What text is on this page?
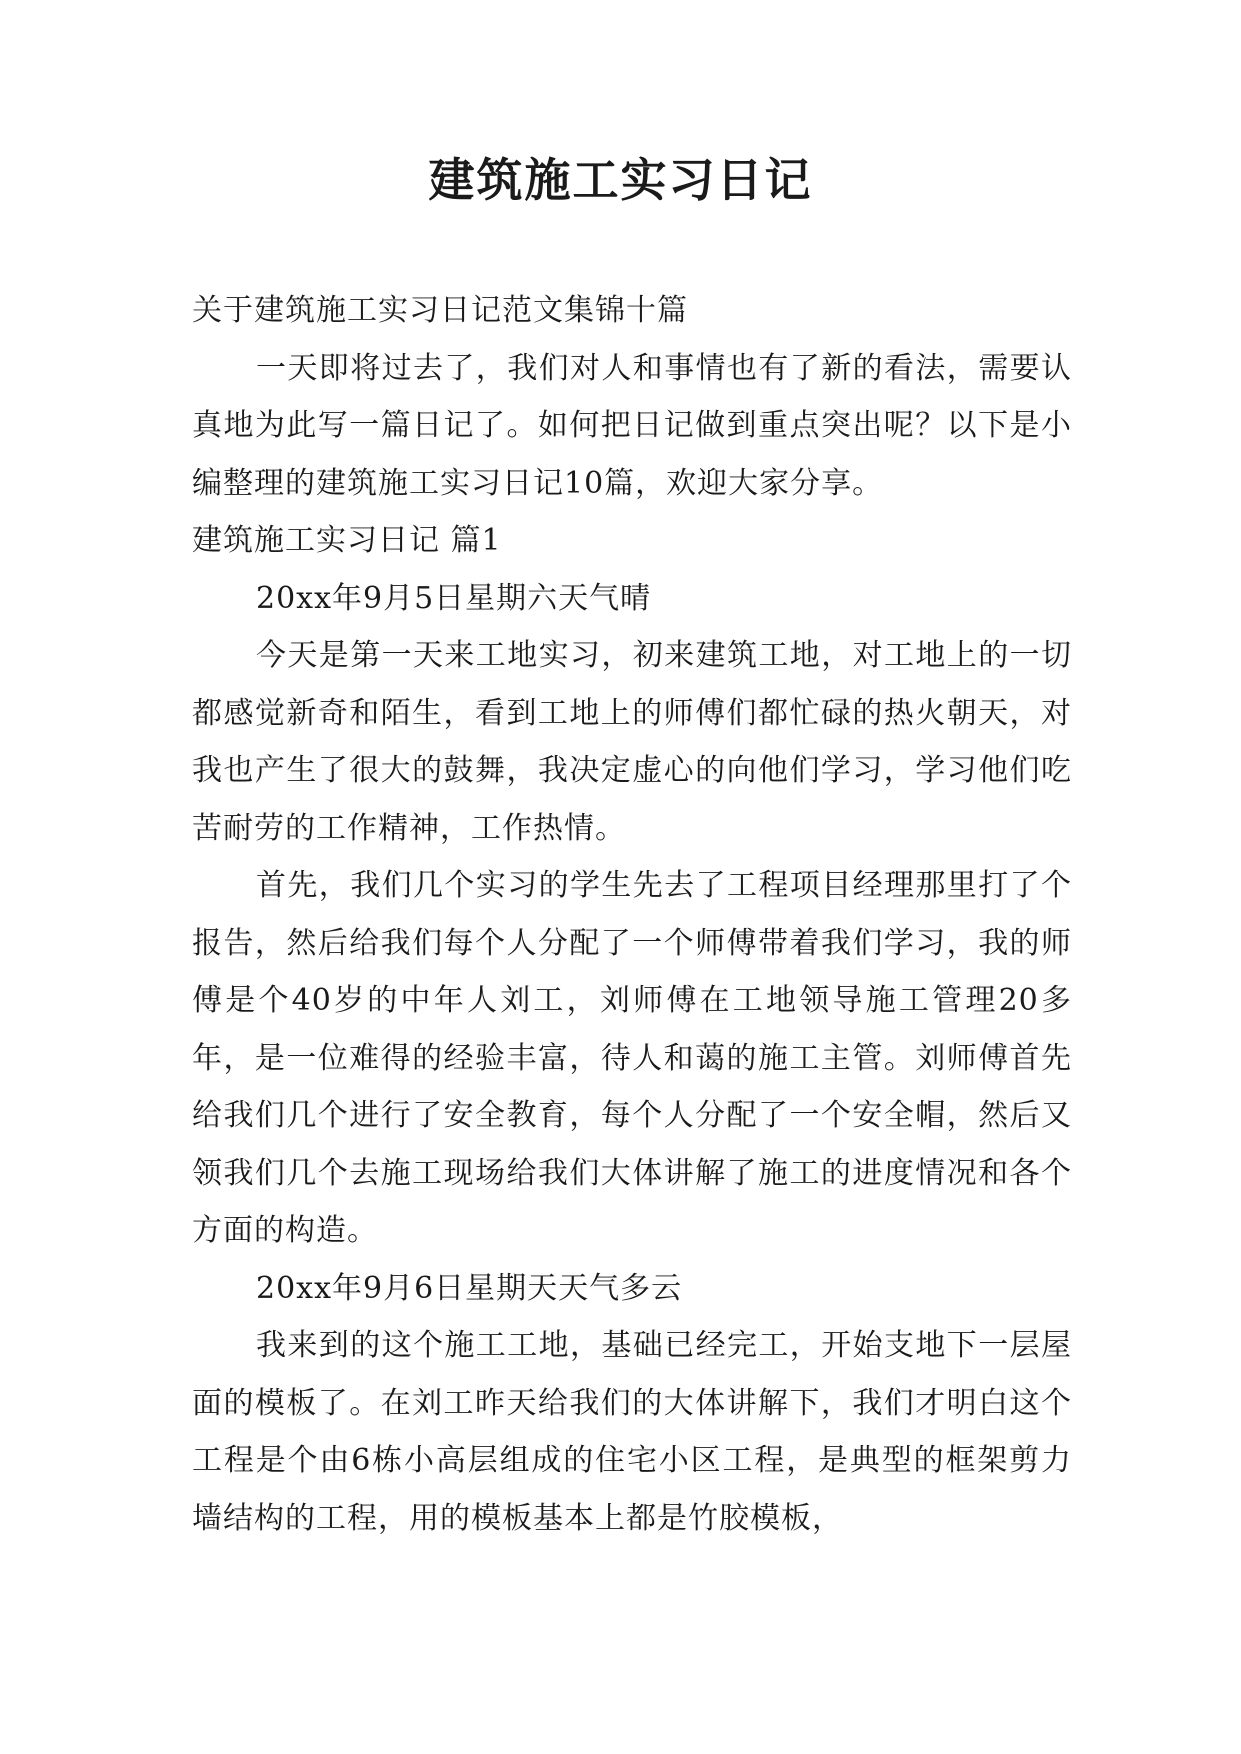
建筑施工实习日记

关于建筑施工实习日记范文集锦十篇

一天即将过去了，我们对人和事情也有了新的看法，需要认真地为此写一篇日记了。如何把日记做到重点突出呢？以下是小编整理的建筑施工实习日记10篇，欢迎大家分享。

建筑施工实习日记 篇1

20xx年9月5日星期六天气晴

今天是第一天来工地实习，初来建筑工地，对工地上的一切都感觉新奇和陌生，看到工地上的师傅们都忙碌的热火朝天，对我也产生了很大的鼓舞，我决定虚心的向他们学习，学习他们吃苦耐劳的工作精神，工作热情。

首先，我们几个实习的学生先去了工程项目经理那里打了个报告，然后给我们每个人分配了一个师傅带着我们学习，我的师傅是个40岁的中年人刘工，刘师傅在工地领导施工管理20多年，是一位难得的经验丰富，待人和蔼的施工主管。刘师傅首先给我们几个进行了安全教育，每个人分配了一个安全帽，然后又领我们几个去施工现场给我们大体讲解了施工的进度情况和各个方面的构造。

20xx年9月6日星期天天气多云

我来到的这个施工工地，基础已经完工，开始支地下一层屋面的模板了。在刘工昨天给我们的大体讲解下，我们才明白这个工程是个由6栋小高层组成的住宅小区工程，是典型的框架剪力墙结构的工程，用的模板基本上都是竹胶模板，
